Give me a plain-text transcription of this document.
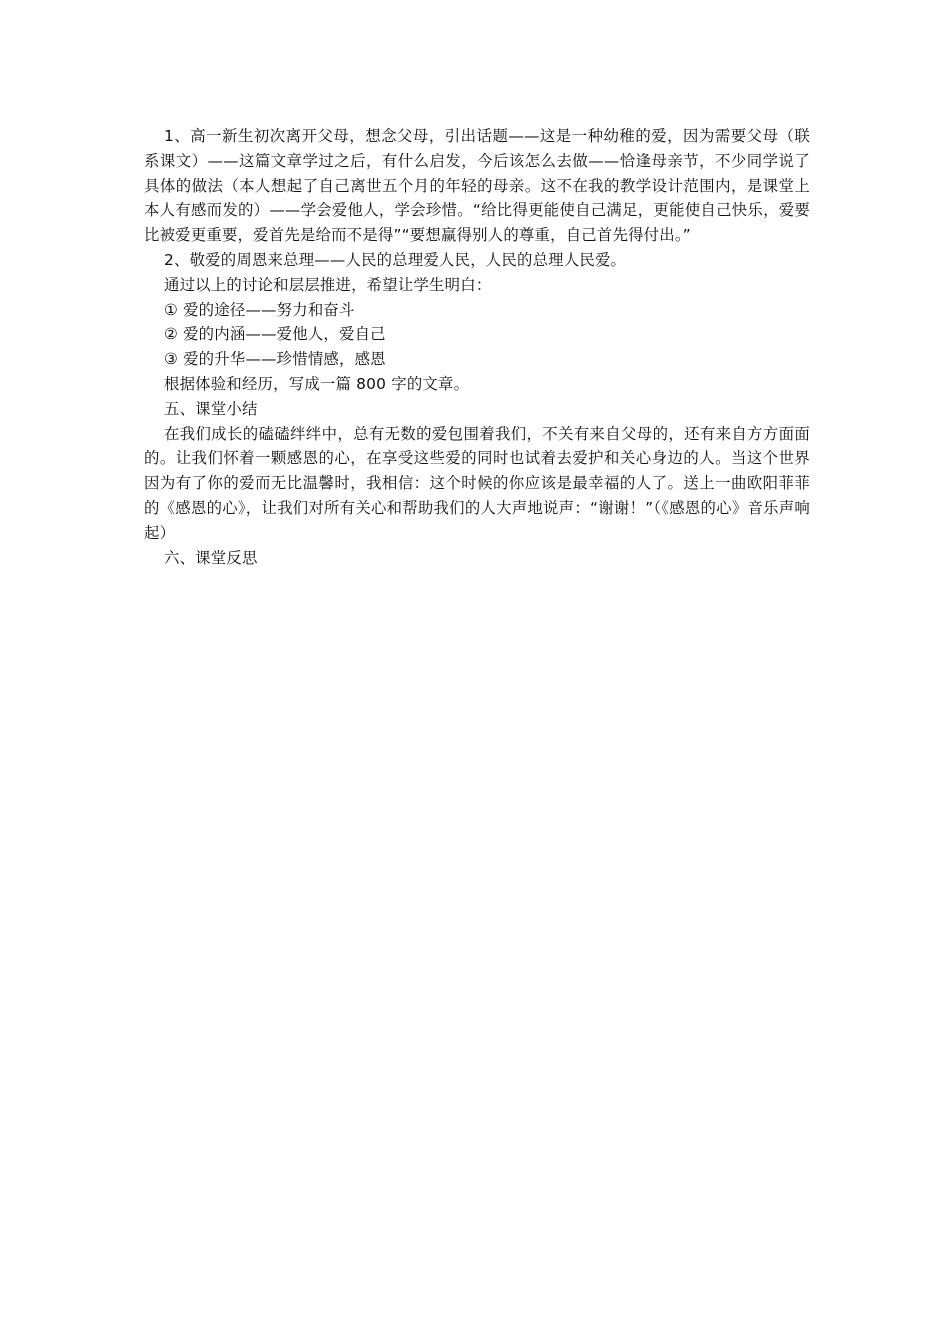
1、高一新生初次离开父母，想念父母，引出话题——这是一种幼稚的爱，因为需要父母（联系课文）——这篇文章学过之后，有什么启发，今后该怎么去做——恰逢母亲节，不少同学说了具体的做法（本人想起了自己离世五个月的年轻的母亲。这不在我的教学设计范围内，是课堂上本人有感而发的）——学会爱他人，学会珍惜。“给比得更能使自己满足，更能使自己快乐，爱要比被爱更重要，爱首先是给而不是得”“要想赢得别人的尊重，自己首先得付出。”

2、敬爱的周恩来总理——人民的总理爱人民，人民的总理人民爱。

通过以上的讨论和层层推进，希望让学生明白：

① 爱的途径——努力和奋斗

② 爱的内涵——爱他人，爱自己

③ 爱的升华——珍惜情感，感恩

根据体验和经历，写成一篇 800 字的文章。

五、课堂小结

在我们成长的磕磕绊绊中，总有无数的爱包围着我们，不关有来自父母的，还有来自方方面面的。让我们怀着一颗感恩的心，在享受这些爱的同时也试着去爱护和关心身边的人。当这个世界因为有了你的爱而无比温馨时，我相信：这个时候的你应该是最幸福的人了。送上一曲欧阳菲菲的《感恩的心》，让我们对所有关心和帮助我们的人大声地说声：“谢谢！”（《感恩的心》音乐声响起）

六、课堂反思
